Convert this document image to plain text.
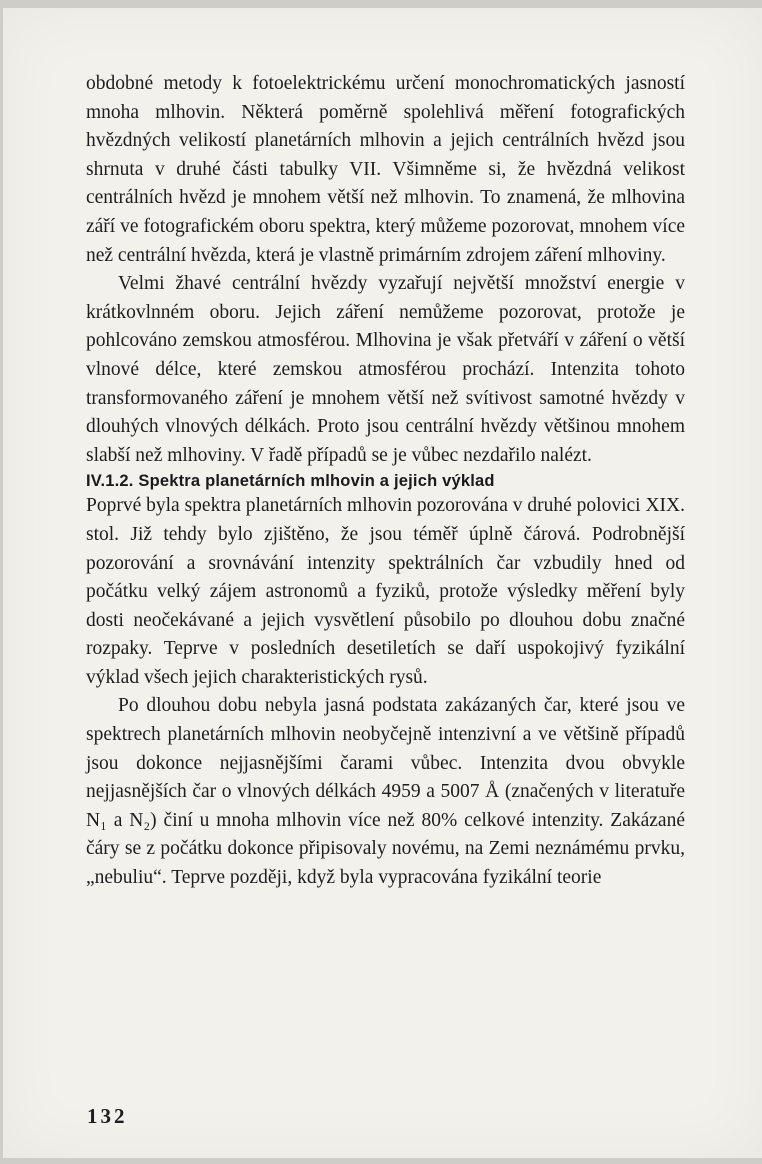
obdobné metody k fotoelektrickému určení monochromatických jasností mnoha mlhovin. Některá poměrně spolehlivá měření fotografických hvězdných velikostí planetárních mlhovin a jejich centrálních hvězd jsou shrnuta v druhé části tabulky VII. Všimněme si, že hvězdná velikost centrálních hvězd je mnohem větší než mlhovin. To znamená, že mlhovina září ve fotografickém oboru spektra, který můžeme pozorovat, mnohem více než centrální hvězda, která je vlastně primárním zdrojem záření mlhoviny.

Velmi žhavé centrální hvězdy vyzařují největší množství energie v krátkovlnném oboru. Jejich záření nemůžeme pozorovat, protože je pohlcováno zemskou atmosférou. Mlhovina je však přetváří v záření o větší vlnové délce, které zemskou atmosférou prochází. Intenzita tohoto transformovaného záření je mnohem větší než svítivost samotné hvězdy v dlouhých vlnových délkách. Proto jsou centrální hvězdy většinou mnohem slabší než mlhoviny. V řadě případů se je vůbec nezdařilo nalézt.

IV.1.2. Spektra planetárních mlhovin a jejich výklad

Poprvé byla spektra planetárních mlhovin pozorována v druhé polovici XIX. stol. Již tehdy bylo zjištěno, že jsou téměř úplně čárová. Podrobnější pozorování a srovnávání intenzity spektrálních čar vzbudily hned od počátku velký zájem astronomů a fyziků, protože výsledky měření byly dosti neočekávané a jejich vysvětlení působilo po dlouhou dobu značné rozpaky. Teprve v posledních desetiletích se daří uspokojivý fyzikální výklad všech jejich charakteristických rysů.

Po dlouhou dobu nebyla jasná podstata zakázaných čar, které jsou ve spektrech planetárních mlhovin neobyčejně intenzivní a ve většině případů jsou dokonce nejjasnějšími čarami vůbec. Intenzita dvou obvykle nejjasnějších čar o vlnových délkách 4959 a 5007 Å (značených v literatuře N₁ a N₂) činí u mnoha mlhovin více než 80% celkové intenzity. Zakázané čáry se z počátku dokonce připisovaly novému, na Zemi neznámému prvku, „nebuliu“. Teprve později, když byla vypracována fyzikální teorie

132
